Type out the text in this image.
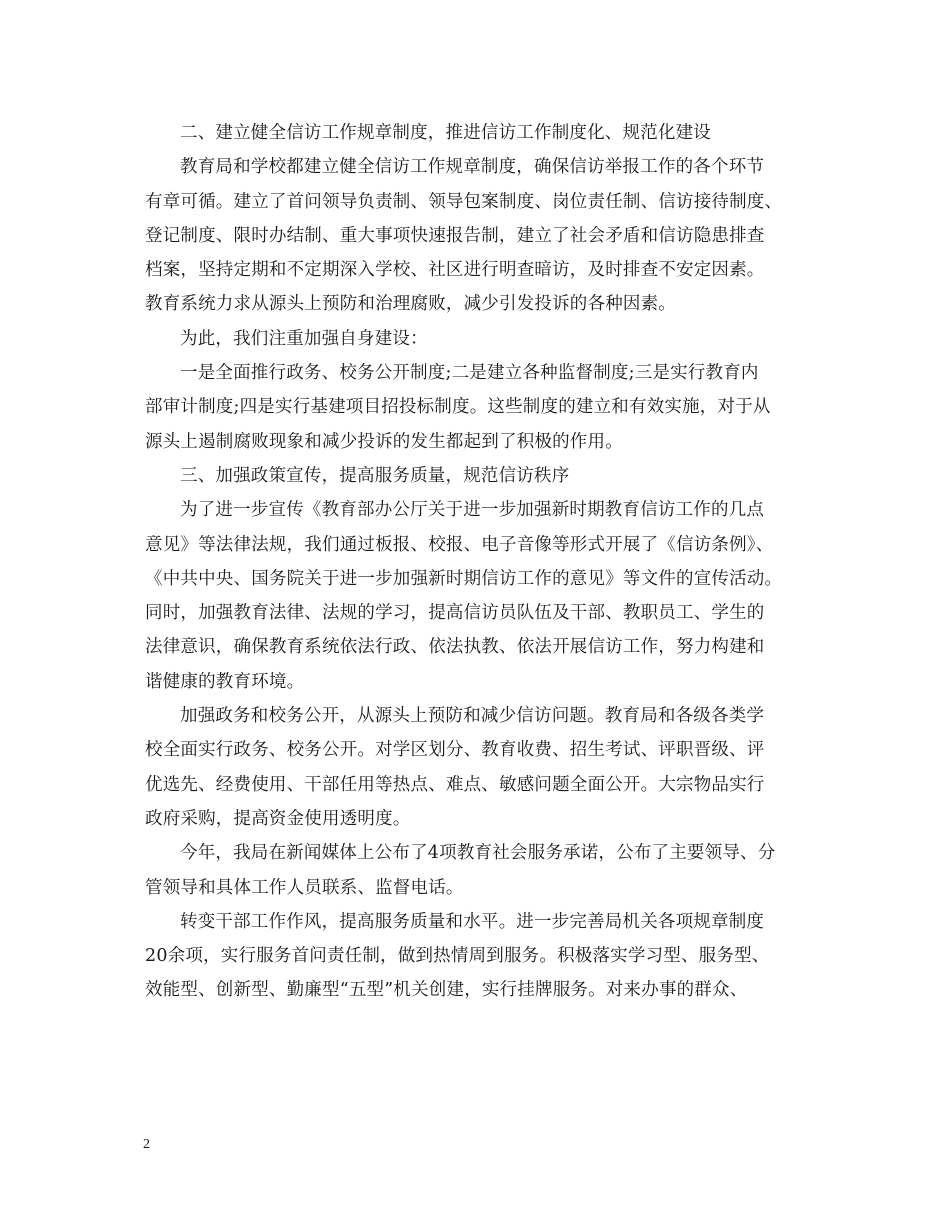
二、建立健全信访工作规章制度，推进信访工作制度化、规范化建设
教育局和学校都建立健全信访工作规章制度，确保信访举报工作的各个环节
有章可循。建立了首问领导负责制、领导包案制度、岗位责任制、信访接待制度、
登记制度、限时办结制、重大事项快速报告制，建立了社会矛盾和信访隐患排查
档案，坚持定期和不定期深入学校、社区进行明查暗访，及时排查不安定因素。
教育系统力求从源头上预防和治理腐败，减少引发投诉的各种因素。
为此，我们注重加强自身建设：
一是全面推行政务、校务公开制度;二是建立各种监督制度;三是实行教育内
部审计制度;四是实行基建项目招投标制度。这些制度的建立和有效实施，对于从
源头上遏制腐败现象和减少投诉的发生都起到了积极的作用。
三、加强政策宣传，提高服务质量，规范信访秩序
为了进一步宣传《教育部办公厅关于进一步加强新时期教育信访工作的几点
意见》等法律法规，我们通过板报、校报、电子音像等形式开展了《信访条例》、
《中共中央、国务院关于进一步加强新时期信访工作的意见》等文件的宣传活动。
同时，加强教育法律、法规的学习，提高信访员队伍及干部、教职员工、学生的
法律意识，确保教育系统依法行政、依法执教、依法开展信访工作，努力构建和
谐健康的教育环境。
加强政务和校务公开，从源头上预防和减少信访问题。教育局和各级各类学
校全面实行政务、校务公开。对学区划分、教育收费、招生考试、评职晋级、评
优选先、经费使用、干部任用等热点、难点、敏感问题全面公开。大宗物品实行
政府采购，提高资金使用透明度。
今年，我局在新闻媒体上公布了4项教育社会服务承诺，公布了主要领导、分
管领导和具体工作人员联系、监督电话。
转变干部工作作风，提高服务质量和水平。进一步完善局机关各项规章制度
20余项，实行服务首问责任制，做到热情周到服务。积极落实学习型、服务型、
效能型、创新型、勤廉型“五型”机关创建，实行挂牌服务。对来办事的群众、
2
